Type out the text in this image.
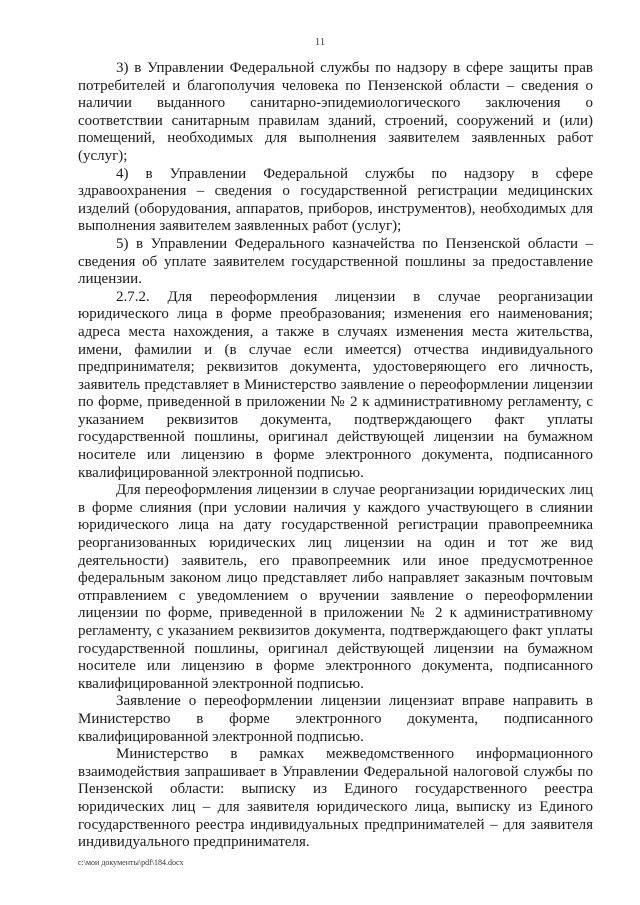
11

3) в Управлении Федеральной службы по надзору в сфере защиты прав потребителей и благополучия человека по Пензенской области – сведения о наличии выданного санитарно-эпидемиологического заключения о соответствии санитарным правилам зданий, строений, сооружений и (или) помещений, необходимых для выполнения заявителем заявленных работ (услуг);

4) в Управлении Федеральной службы по надзору в сфере здравоохранения – сведения о государственной регистрации медицинских изделий (оборудования, аппаратов, приборов, инструментов), необходимых для выполнения заявителем заявленных работ (услуг);

5) в Управлении Федерального казначейства по Пензенской области – сведения об уплате заявителем государственной пошлины за предоставление лицензии.

2.7.2. Для переоформления лицензии в случае реорганизации юридического лица в форме преобразования; изменения его наименования; адреса места нахождения, а также в случаях изменения места жительства, имени, фамилии и (в случае если имеется) отчества индивидуального предпринимателя; реквизитов документа, удостоверяющего его личность, заявитель представляет в Министерство заявление о переоформлении лицензии по форме, приведенной в приложении № 2 к административному регламенту, с указанием реквизитов документа, подтверждающего факт уплаты государственной пошлины, оригинал действующей лицензии на бумажном носителе или лицензию в форме электронного документа, подписанного квалифицированной электронной подписью.

Для переоформления лицензии в случае реорганизации юридических лиц в форме слияния (при условии наличия у каждого участвующего в слиянии юридического лица на дату государственной регистрации правопреемника реорганизованных юридических лиц лицензии на один и тот же вид деятельности) заявитель, его правопреемник или иное предусмотренное федеральным законом лицо представляет либо направляет заказным почтовым отправлением с уведомлением о вручении заявление о переоформлении лицензии по форме, приведенной в приложении № 2 к административному регламенту, с указанием реквизитов документа, подтверждающего факт уплаты государственной пошлины, оригинал действующей лицензии на бумажном носителе или лицензию в форме электронного документа, подписанного квалифицированной электронной подписью.

Заявление о переоформлении лицензии лицензиат вправе направить в Министерство в форме электронного документа, подписанного квалифицированной электронной подписью.

Министерство в рамках межведомственного информационного взаимодействия запрашивает в Управлении Федеральной налоговой службы по Пензенской области: выписку из Единого государственного реестра юридических лиц – для заявителя юридического лица, выписку из Единого государственного реестра индивидуальных предпринимателей – для заявителя индивидуального предпринимателя.

c:\мои документы\pdf\184.docx
